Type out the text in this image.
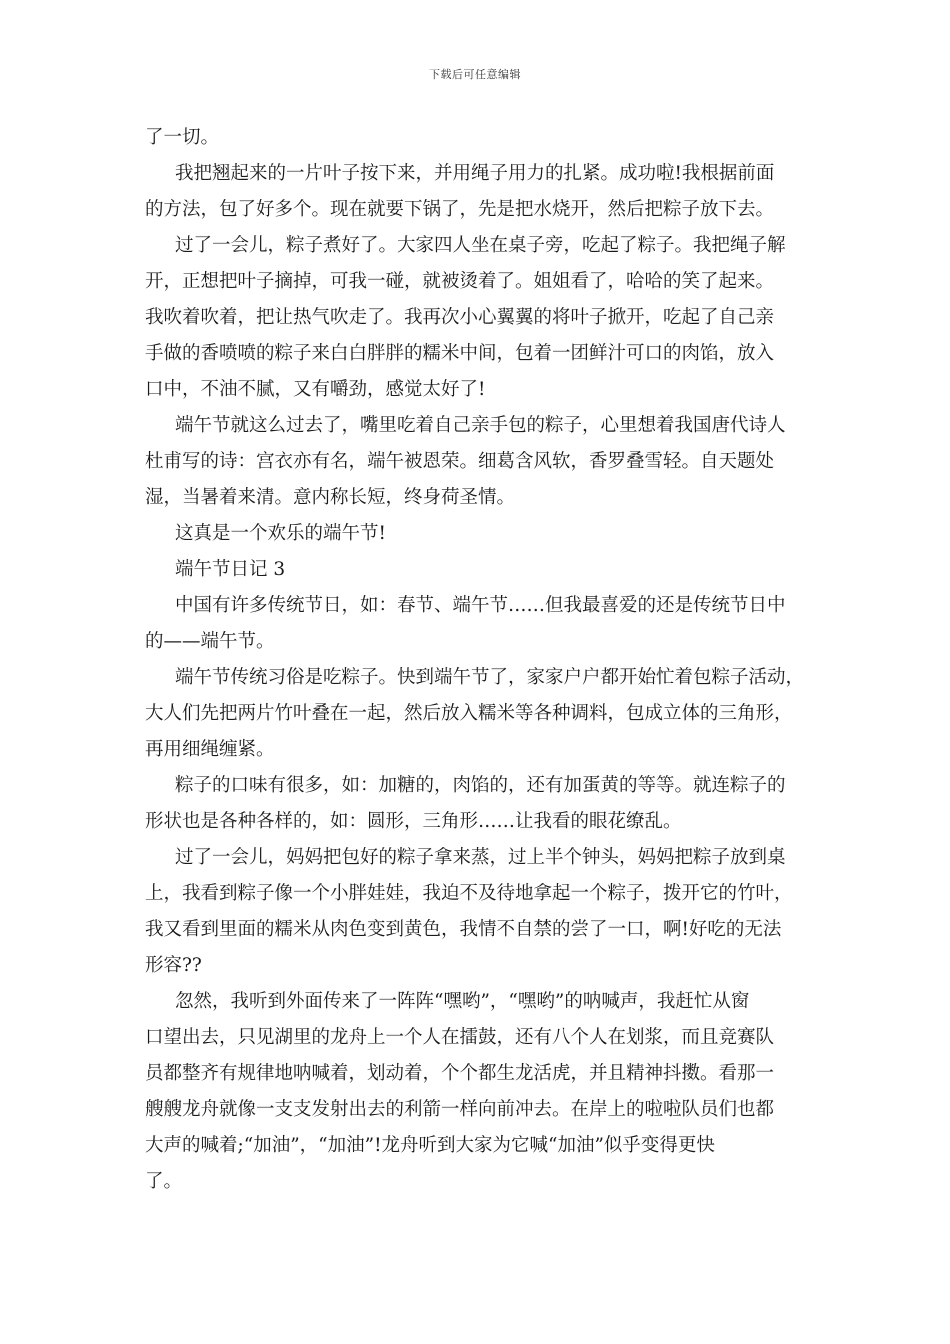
下载后可任意编辑
了一切。
我把翘起来的一片叶子按下来，并用绳子用力的扎紧。成功啦!我根据前面
的方法，包了好多个。现在就要下锅了，先是把水烧开，然后把粽子放下去。
过了一会儿，粽子煮好了。大家四人坐在桌子旁，吃起了粽子。我把绳子解
开，正想把叶子摘掉，可我一碰，就被烫着了。姐姐看了，哈哈的笑了起来。
我吹着吹着，把让热气吹走了。我再次小心翼翼的将叶子掀开，吃起了自己亲
手做的香喷喷的粽子来白白胖胖的糯米中间，包着一团鲜汁可口的肉馅，放入
口中，不油不腻，又有嚼劲，感觉太好了!
端午节就这么过去了，嘴里吃着自己亲手包的粽子，心里想着我国唐代诗人
杜甫写的诗：宫衣亦有名，端午被恩荣。细葛含风软，香罗叠雪轻。自天题处
湿，当暑着来清。意内称长短，终身荷圣情。
这真是一个欢乐的端午节!
端午节日记 3
中国有许多传统节日，如：春节、端午节……但我最喜爱的还是传统节日中
的——端午节。
端午节传统习俗是吃粽子。快到端午节了，家家户户都开始忙着包粽子活动，
大人们先把两片竹叶叠在一起，然后放入糯米等各种调料，包成立体的三角形，
再用细绳缠紧。
粽子的口味有很多，如：加糖的，肉馅的，还有加蛋黄的等等。就连粽子的
形状也是各种各样的，如：圆形，三角形……让我看的眼花缭乱。
过了一会儿，妈妈把包好的粽子拿来蒸，过上半个钟头，妈妈把粽子放到桌
上，我看到粽子像一个小胖娃娃，我迫不及待地拿起一个粽子，拨开它的竹叶，
我又看到里面的糯米从肉色变到黄色，我情不自禁的尝了一口，啊!好吃的无法
形容??
忽然，我听到外面传来了一阵阵“嘿哟”，“嘿哟”的呐喊声，我赶忙从窗
口望出去，只见湖里的龙舟上一个人在擂鼓，还有八个人在划浆，而且竞赛队
员都整齐有规律地呐喊着，划动着，个个都生龙活虎，并且精神抖擞。看那一
艘艘龙舟就像一支支发射出去的利箭一样向前冲去。在岸上的啦啦队员们也都
大声的喊着;“加油”，“加油”!龙舟听到大家为它喊“加油”似乎变得更快
了。
